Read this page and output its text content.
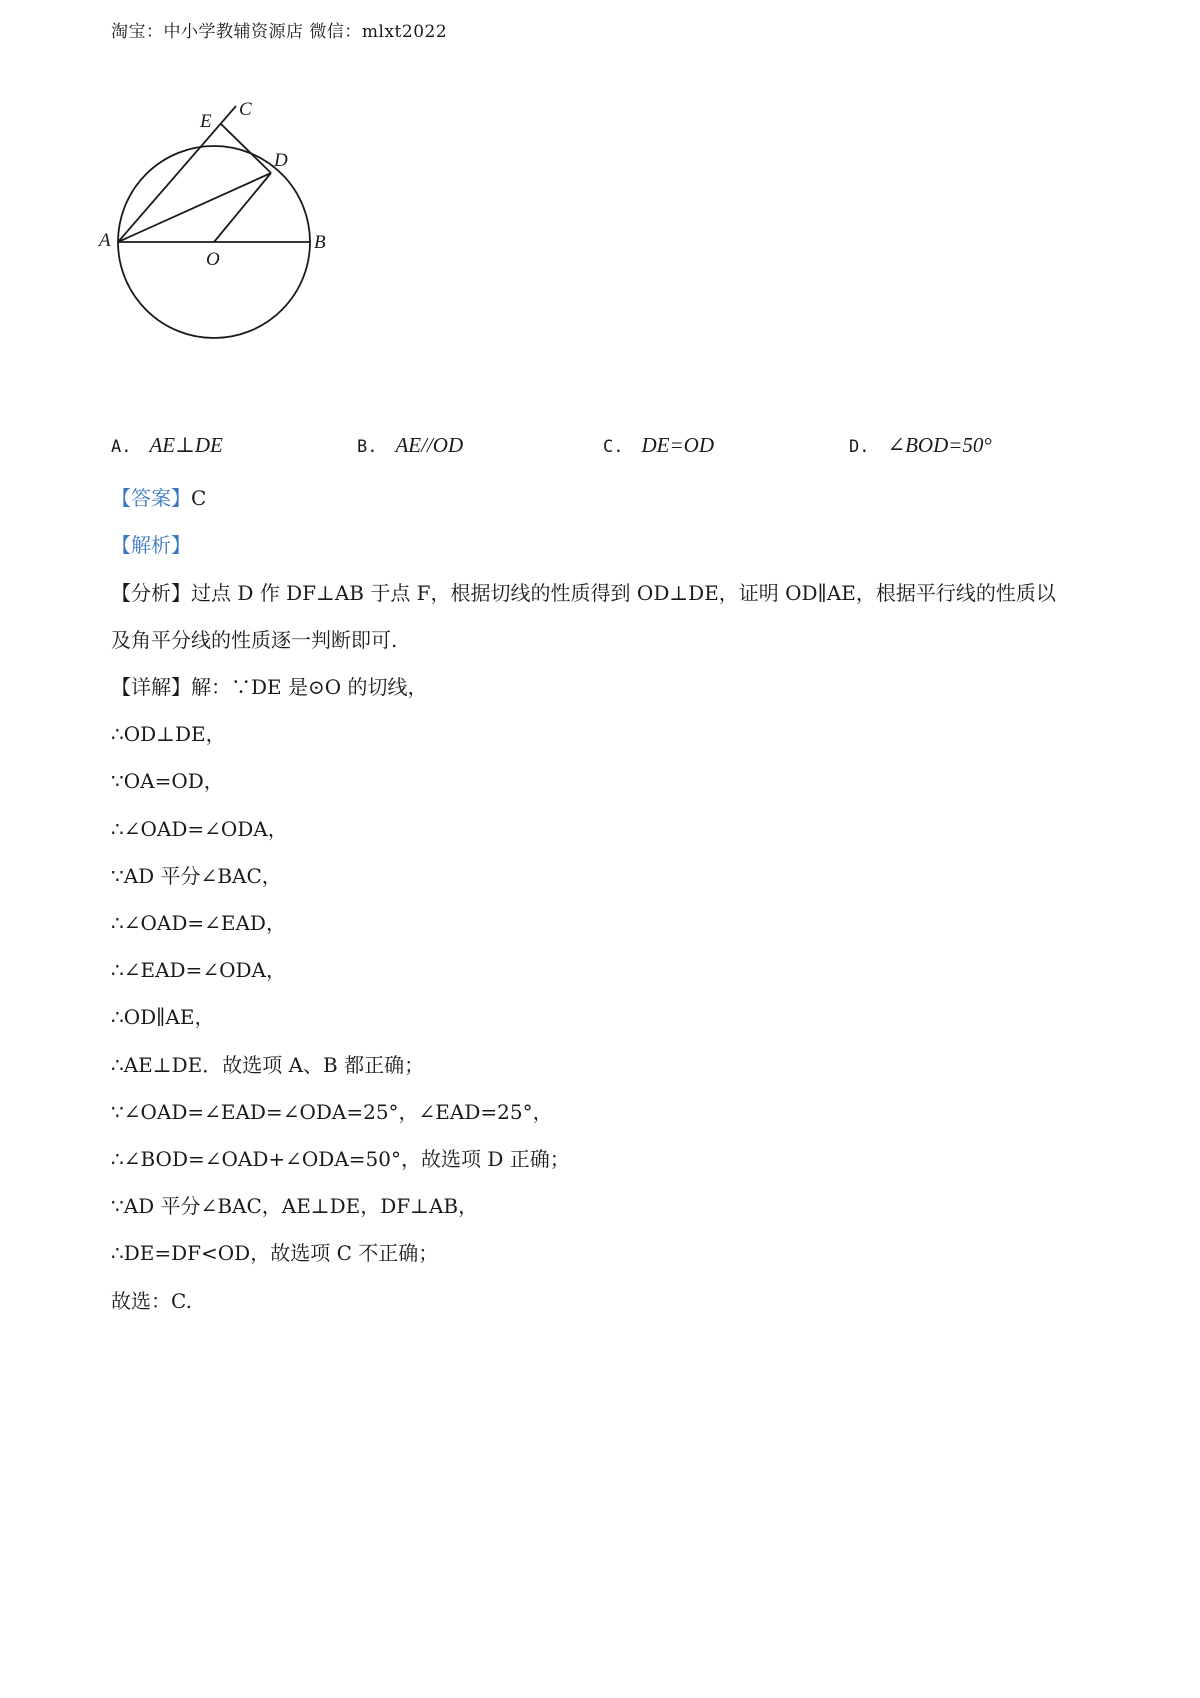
淘宝：中小学教辅资源店 微信：mlxt2022
E
C
D
A
O
B
A. AE⊥DE	B. AE//OD	C. DE=OD	D. ∠BOD=50°
【答案】C
【解析】
【分析】过点 D 作 DF⊥AB 于点 F，根据切线的性质得到 OD⊥DE，证明 OD∥AE，根据平行线的性质以
及角平分线的性质逐一判断即可.
【详解】解：∵DE 是⊙O 的切线，
∴OD⊥DE，
∵OA=OD，
∴∠OAD=∠ODA，
∵AD 平分∠BAC，
∴∠OAD=∠EAD，
∴∠EAD=∠ODA，
∴OD∥AE，
∴AE⊥DE．故选项 A、B 都正确；
∵∠OAD=∠EAD=∠ODA=25°，∠EAD=25°，
∴∠BOD=∠OAD+∠ODA=50°，故选项 D 正确；
∵AD 平分∠BAC，AE⊥DE，DF⊥AB，
∴DE=DF<OD，故选项 C 不正确；
故选：C.
